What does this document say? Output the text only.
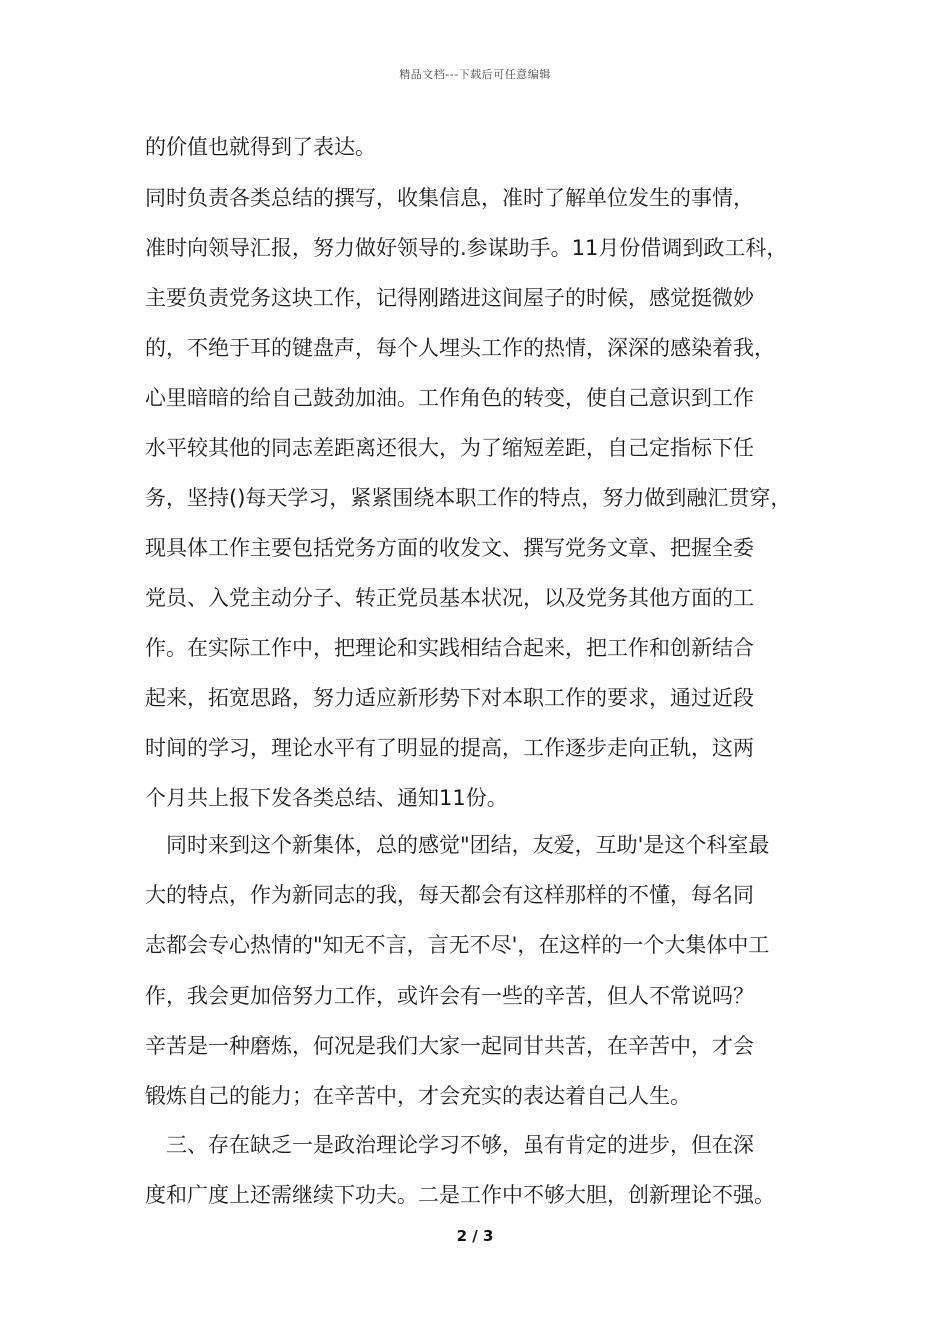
精品文档---下载后可任意编辑
的价值也就得到了表达。
同时负责各类总结的撰写，收集信息，准时了解单位发生的事情，
准时向领导汇报，努力做好领导的.参谋助手。11月份借调到政工科，
主要负责党务这块工作，记得刚踏进这间屋子的时候，感觉挺微妙
的，不绝于耳的键盘声，每个人埋头工作的热情，深深的感染着我，
心里暗暗的给自己鼓劲加油。工作角色的转变，使自己意识到工作
水平较其他的同志差距离还很大，为了缩短差距，自己定指标下任
务，坚持()每天学习，紧紧围绕本职工作的特点，努力做到融汇贯穿，
现具体工作主要包括党务方面的收发文、撰写党务文章、把握全委
党员、入党主动分子、转正党员基本状况，以及党务其他方面的工
作。在实际工作中，把理论和实践相结合起来，把工作和创新结合
起来，拓宽思路，努力适应新形势下对本职工作的要求，通过近段
时间的学习，理论水平有了明显的提高，工作逐步走向正轨，这两
个月共上报下发各类总结、通知11份。
同时来到这个新集体，总的感觉"团结，友爱，互助'是这个科室最
大的特点，作为新同志的我，每天都会有这样那样的不懂，每名同
志都会专心热情的"知无不言，言无不尽'，在这样的一个大集体中工
作，我会更加倍努力工作，或许会有一些的辛苦，但人不常说吗？
辛苦是一种磨炼，何况是我们大家一起同甘共苦，在辛苦中，才会
锻炼自己的能力；在辛苦中，才会充实的表达着自己人生。
三、存在缺乏一是政治理论学习不够，虽有肯定的进步，但在深
度和广度上还需继续下功夫。二是工作中不够大胆，创新理论不强。
2 / 3
